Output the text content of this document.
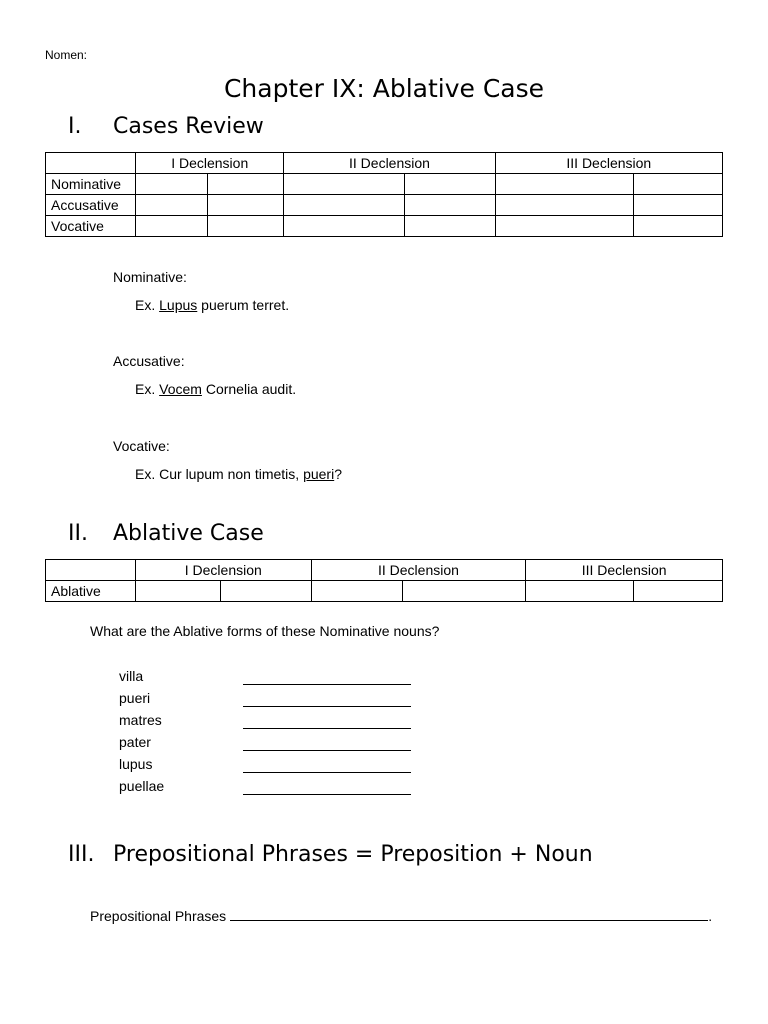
Nomen:
Chapter IX: Ablative Case
I. Cases Review
	I Declension		II Declension		III Declension	
Nominative						
Accusative						
Vocative						
Nominative:
Ex. Lupus puerum terret.
Accusative:
Ex. Vocem Cornelia audit.
Vocative:
Ex. Cur lupum non timetis, pueri?
II. Ablative Case
	I Declension		II Declension		III Declension	
Ablative						
What are the Ablative forms of these Nominative nouns?
villa
pueri
matres
pater
lupus
puellae
III. Prepositional Phrases = Preposition + Noun
Prepositional Phrases	.
